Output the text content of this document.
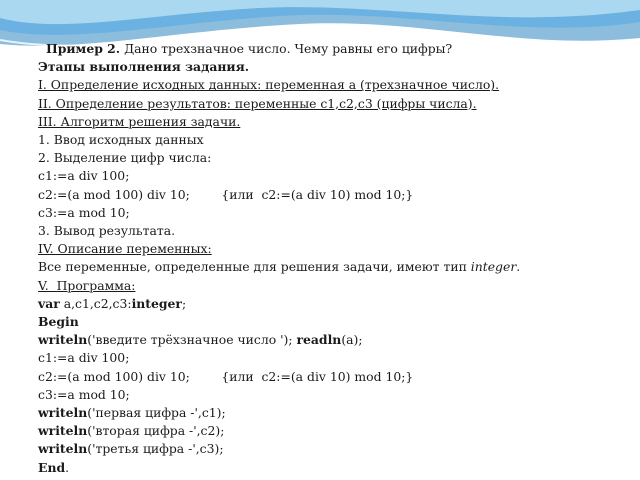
Пример 2. Дано трехзначное число. Чему равны его цифры?
Этапы выполнения задания.
I. Определение исходных данных: переменная a (трехзначное число).
II. Определение результатов: переменные c1,c2,c3 (цифры числа).
III. Алгоритм решения задачи.
1. Ввод исходных данных
2. Выделение цифр числа:
c1:=a div 100;
c2:=(a mod 100) div 10;        {или  c2:=(a div 10) mod 10;}
c3:=a mod 10;
3. Вывод результата.
IV. Описание переменных:
Все переменные, определенные для решения задачи, имеют тип integer.
V.  Программа:
var a,c1,c2,c3:integer;
Begin
writeln('введите трёхзначное число '); readln(a);
c1:=a div 100;
c2:=(a mod 100) div 10;        {или  c2:=(a div 10) mod 10;}
c3:=a mod 10;
writeln('первая цифра -',c1);
writeln('вторая цифра -',c2);
writeln('третья цифра -',c3);
End.
